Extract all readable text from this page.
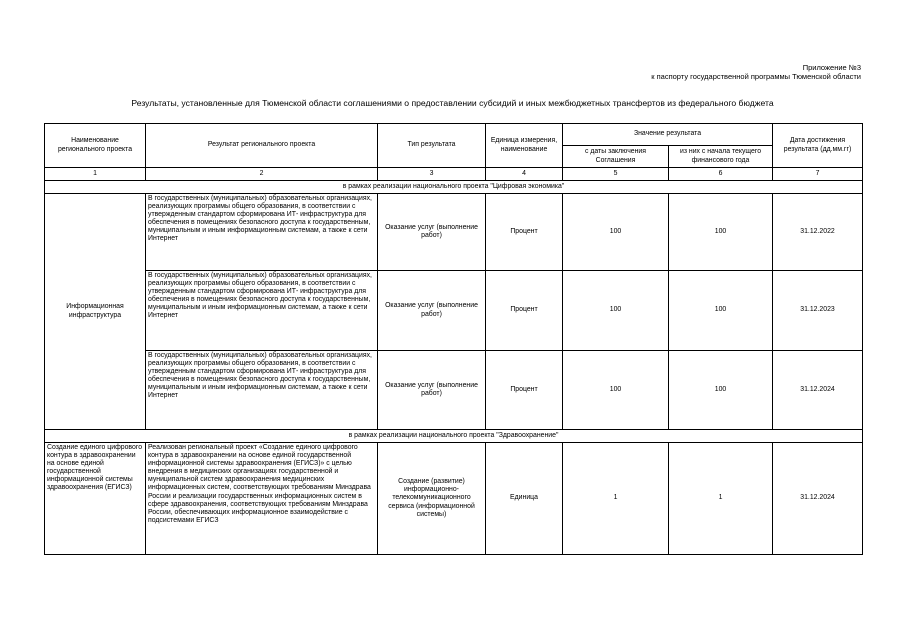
Приложение №3
к паспорту государственной программы Тюменской области
Результаты, установленные для Тюменской области соглашениями о предоставлении субсидий и иных межбюджетных трансфертов из федерального бюджета
Наименование регионального проекта	Результат регионального проекта	Тип результата	Единица измерения, наименование	Значение результата		Дата достижения результата (дд.мм.гг)
				с даты заключения Соглашения	из них с начала текущего финансового года	
1	2	3	4	5	6	7
в рамках реализации национального проекта "Цифровая экономика"						
Информационная инфраструктура	В государственных (муниципальных) образовательных организациях, реализующих программы общего образования, в соответствии с утвержденным стандартом сформирована ИТ- инфраструктура для обеспечения в помещениях безопасного доступа к государственным, муниципальным и иным информационным системам, а также к сети Интернет	Оказание услуг (выполнение работ)	Процент	100	100	31.12.2022
	В государственных (муниципальных) образовательных организациях, реализующих программы общего образования, в соответствии с утвержденным стандартом сформирована ИТ- инфраструктура для обеспечения в помещениях безопасного доступа к государственным, муниципальным и иным информационным системам, а также к сети Интернет	Оказание услуг (выполнение работ)	Процент	100	100	31.12.2023
	В государственных (муниципальных) образовательных организациях, реализующих программы общего образования, в соответствии с утвержденным стандартом сформирована ИТ- инфраструктура для обеспечения в помещениях безопасного доступа к государственным, муниципальным и иным информационным системам, а также к сети Интернет	Оказание услуг (выполнение работ)	Процент	100	100	31.12.2024
в рамках реализации национального проекта "Здравоохранение"						
Создание единого цифрового контура в здравоохранении на основе единой государственной информационной системы здравоохранения (ЕГИСЗ)	Реализован региональный проект «Создание единого цифрового контура в здравоохранении на основе единой государственной информационной системы здравоохранения (ЕГИСЗ)» с целью внедрения в медицинских организациях государственной и муниципальной систем здравоохранения медицинских информационных систем, соответствующих требованиям Минздрава России и реализации государственных информационных систем в сфере здравоохранения, соответствующих требованиям Минздрава России, обеспечивающих информационное взаимодействие с подсистемами ЕГИСЗ	Создание (развитие) информационно-телекоммуникационного сервиса (информационной системы)	Единица	1	1	31.12.2024
